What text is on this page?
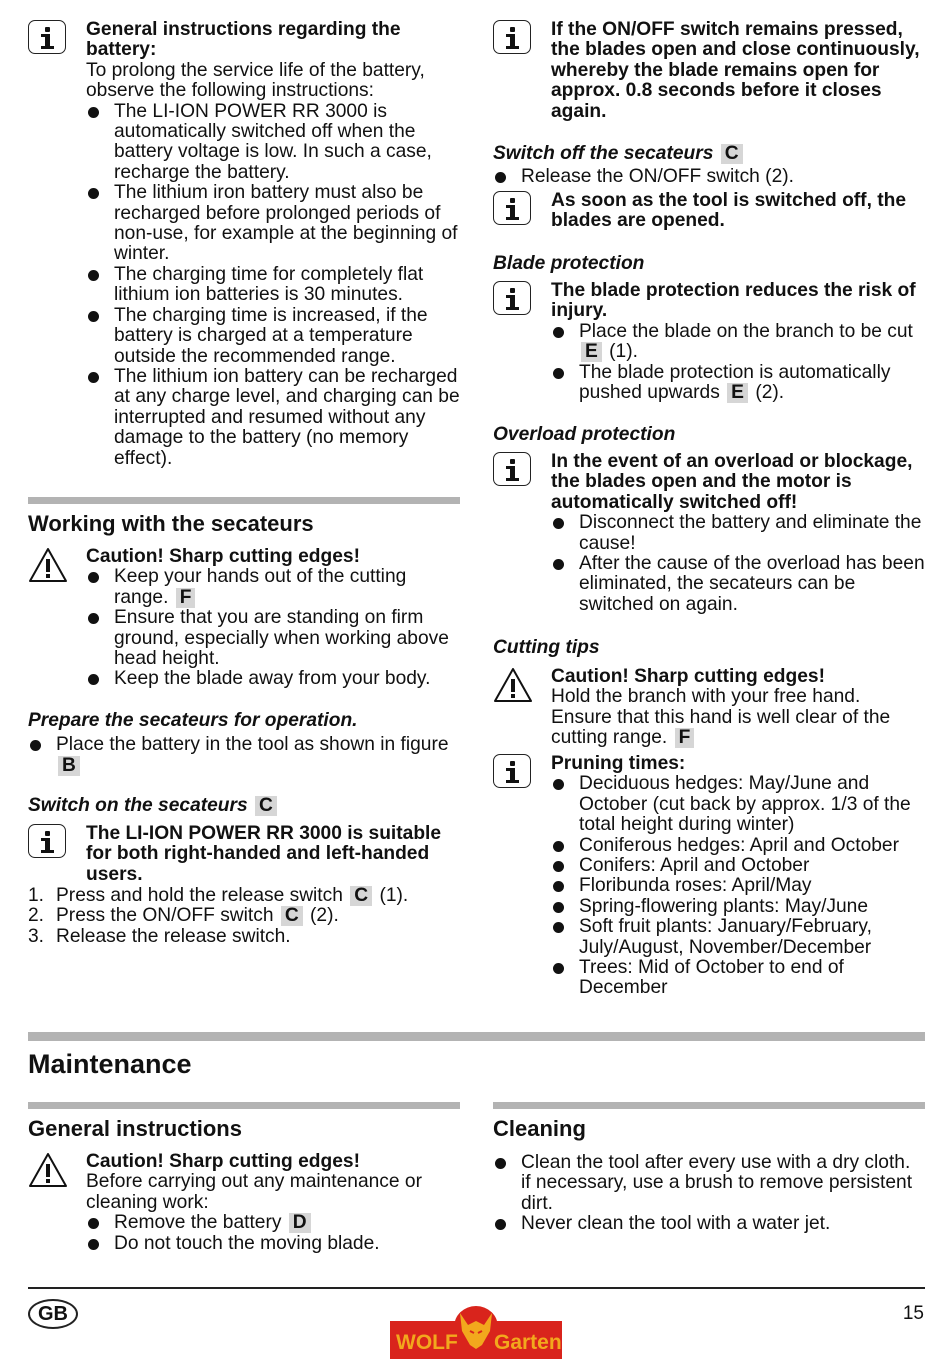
General instructions regarding the battery:
To prolong the service life of the battery, observe the following instructions:
The LI-ION POWER RR 3000 is automatically switched off when the battery voltage is low. In such a case, recharge the battery.
The lithium iron battery must also be recharged before prolonged periods of non-use, for example at the beginning of winter.
The charging time for completely flat lithium ion batteries is 30 minutes.
The charging time is increased, if the battery is charged at a temperature outside the recommended range.
The lithium ion battery can be recharged at any charge level, and charging can be interrupted and resumed without any damage to the battery (no memory effect).
Working with the secateurs
Caution! Sharp cutting edges!
Keep your hands out of the cutting range. F
Ensure that you are standing on firm ground, especially when working above head height.
Keep the blade away from your body.
Prepare the secateurs for operation.
Place the battery in the tool as shown in figure B
Switch on the secateurs C
The LI-ION POWER RR 3000 is suitable for both right-handed and left-handed users.
1. Press and hold the release switch C (1).
2. Press the ON/OFF switch C (2).
3. Release the release switch.
If the ON/OFF switch remains pressed, the blades open and close continuously, whereby the blade remains open for approx. 0.8 seconds before it closes again.
Switch off the secateurs C
Release the ON/OFF switch (2).
As soon as the tool is switched off, the blades are opened.
Blade protection
The blade protection reduces the risk of injury.
Place the blade on the branch to be cut E (1).
The blade protection is automatically pushed upwards E (2).
Overload protection
In the event of an overload or blockage, the blades open and the motor is automatically switched off!
Disconnect the battery and eliminate the cause!
After the cause of the overload has been eliminated, the secateurs can be switched on again.
Cutting tips
Caution! Sharp cutting edges!
Hold the branch with your free hand. Ensure that this hand is well clear of the cutting range. F
Pruning times:
Deciduous hedges: May/June and October (cut back by approx. 1/3 of the total height during winter)
Coniferous hedges: April and October
Conifers: April and October
Floribunda roses: April/May
Spring-flowering plants: May/June
Soft fruit plants: January/February, July/August, November/December
Trees: Mid of October to end of December
Maintenance
General instructions
Caution! Sharp cutting edges!
Before carrying out any maintenance or cleaning work:
Remove the battery D
Do not touch the moving blade.
Cleaning
Clean the tool after every use with a dry cloth. if necessary, use a brush to remove persistent dirt.
Never clean the tool with a water jet.
GB	15
WOLF Garten
